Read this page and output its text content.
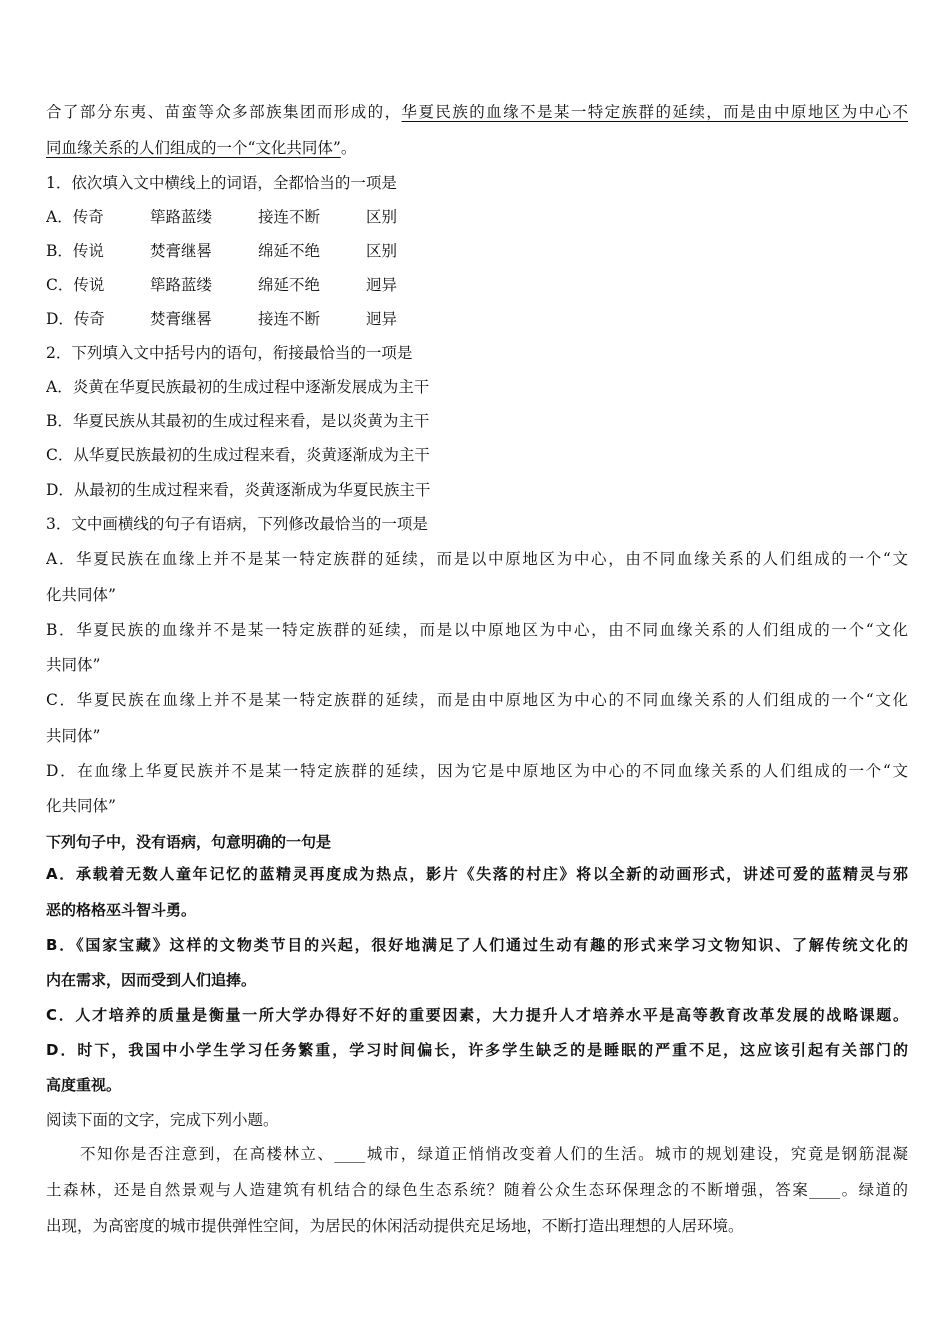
合了部分东夷、苗蛮等众多部族集团而形成的，华夏民族的血缘不是某一特定族群的延续，而是由中原地区为中心不
同血缘关系的人们组成的一个“文化共同体”。
1．依次填入文中横线上的词语，全都恰当的一项是
A．传奇	筚路蓝缕	接连不断	区别
B．传说	焚膏继晷	绵延不绝	区别
C．传说	筚路蓝缕	绵延不绝	迥异
D．传奇	焚膏继晷	接连不断	迥异
2．下列填入文中括号内的语句，衔接最恰当的一项是
A．炎黄在华夏民族最初的生成过程中逐渐发展成为主干
B．华夏民族从其最初的生成过程来看，是以炎黄为主干
C．从华夏民族最初的生成过程来看，炎黄逐渐成为主干
D．从最初的生成过程来看，炎黄逐渐成为华夏民族主干
3．文中画横线的句子有语病，下列修改最恰当的一项是
A．华夏民族在血缘上并不是某一特定族群的延续，而是以中原地区为中心，由不同血缘关系的人们组成的一个“文
化共同体”
B．华夏民族的血缘并不是某一特定族群的延续，而是以中原地区为中心，由不同血缘关系的人们组成的一个“文化
共同体”
C．华夏民族在血缘上并不是某一特定族群的延续，而是由中原地区为中心的不同血缘关系的人们组成的一个“文化
共同体”
D．在血缘上华夏民族并不是某一特定族群的延续，因为它是中原地区为中心的不同血缘关系的人们组成的一个“文
化共同体”
下列句子中，没有语病，句意明确的一句是
A．承载着无数人童年记忆的蓝精灵再度成为热点，影片《失落的村庄》将以全新的动画形式，讲述可爱的蓝精灵与邪
恶的格格巫斗智斗勇。
B．《国家宝藏》这样的文物类节目的兴起，很好地满足了人们通过生动有趣的形式来学习文物知识、了解传统文化的
内在需求，因而受到人们追捧。
C．人才培养的质量是衡量一所大学办得好不好的重要因素，大力提升人才培养水平是高等教育改革发展的战略课题。
D．时下，我国中小学生学习任务繁重，学习时间偏长，许多学生缺乏的是睡眠的严重不足，这应该引起有关部门的
高度重视。
阅读下面的文字，完成下列小题。
不知你是否注意到，在高楼林立、____城市，绿道正悄悄改变着人们的生活。城市的规划建设，究竟是钢筋混凝
土森林，还是自然景观与人造建筑有机结合的绿色生态系统？随着公众生态环保理念的不断增强，答案____。绿道的
出现，为高密度的城市提供弹性空间，为居民的休闲活动提供充足场地，不断打造出理想的人居环境。
